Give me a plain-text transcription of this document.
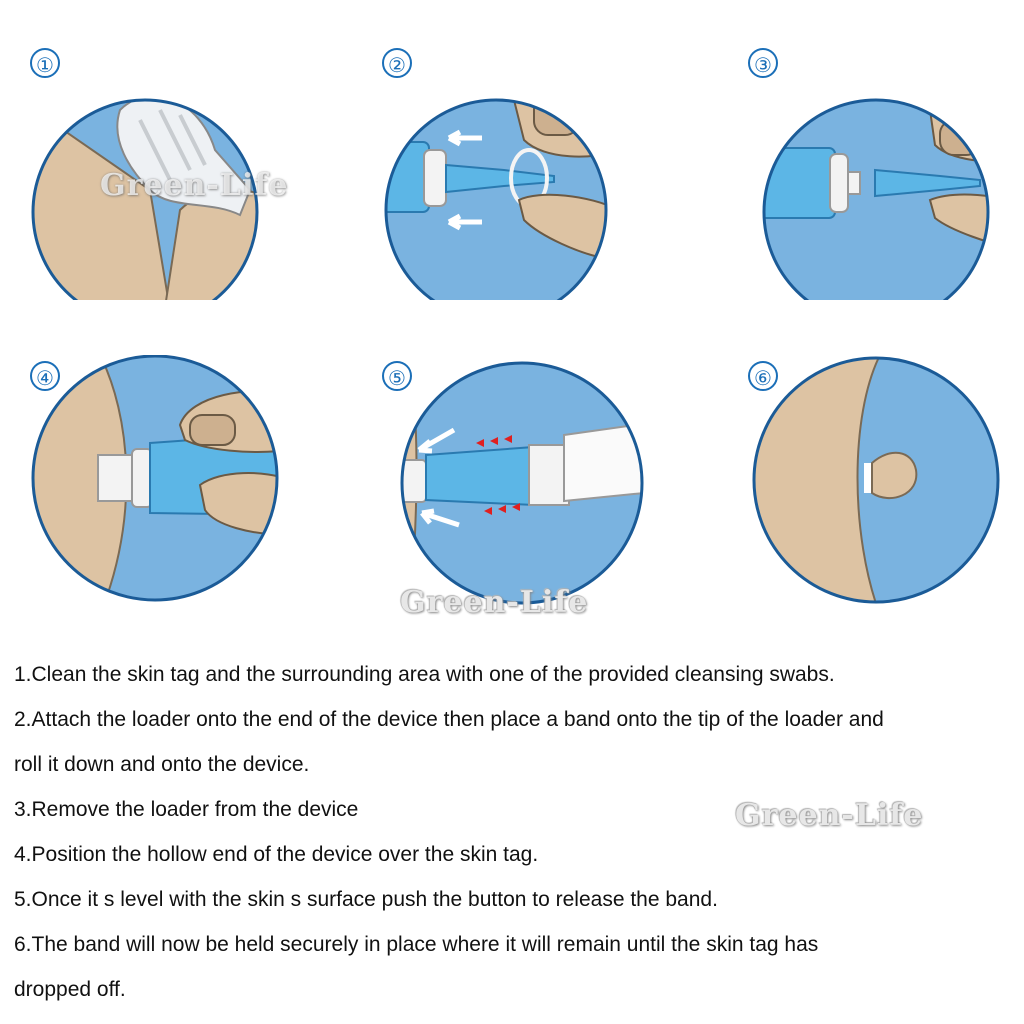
①	②	③
④	⑤	⑥
Green-Life
Green-Life
Green-Life

1.Clean the skin tag and the surrounding area with one of the provided cleansing swabs.

2.Attach the loader onto the end of the device then place a band onto the tip of the loader and

roll it down and onto the device.

3.Remove the loader from the device

4.Position the hollow end of the device over the skin tag.

5.Once it s level with the skin s surface push the button to release the band.

6.The band will now be held securely in place where it will remain until the skin tag has

dropped off.
